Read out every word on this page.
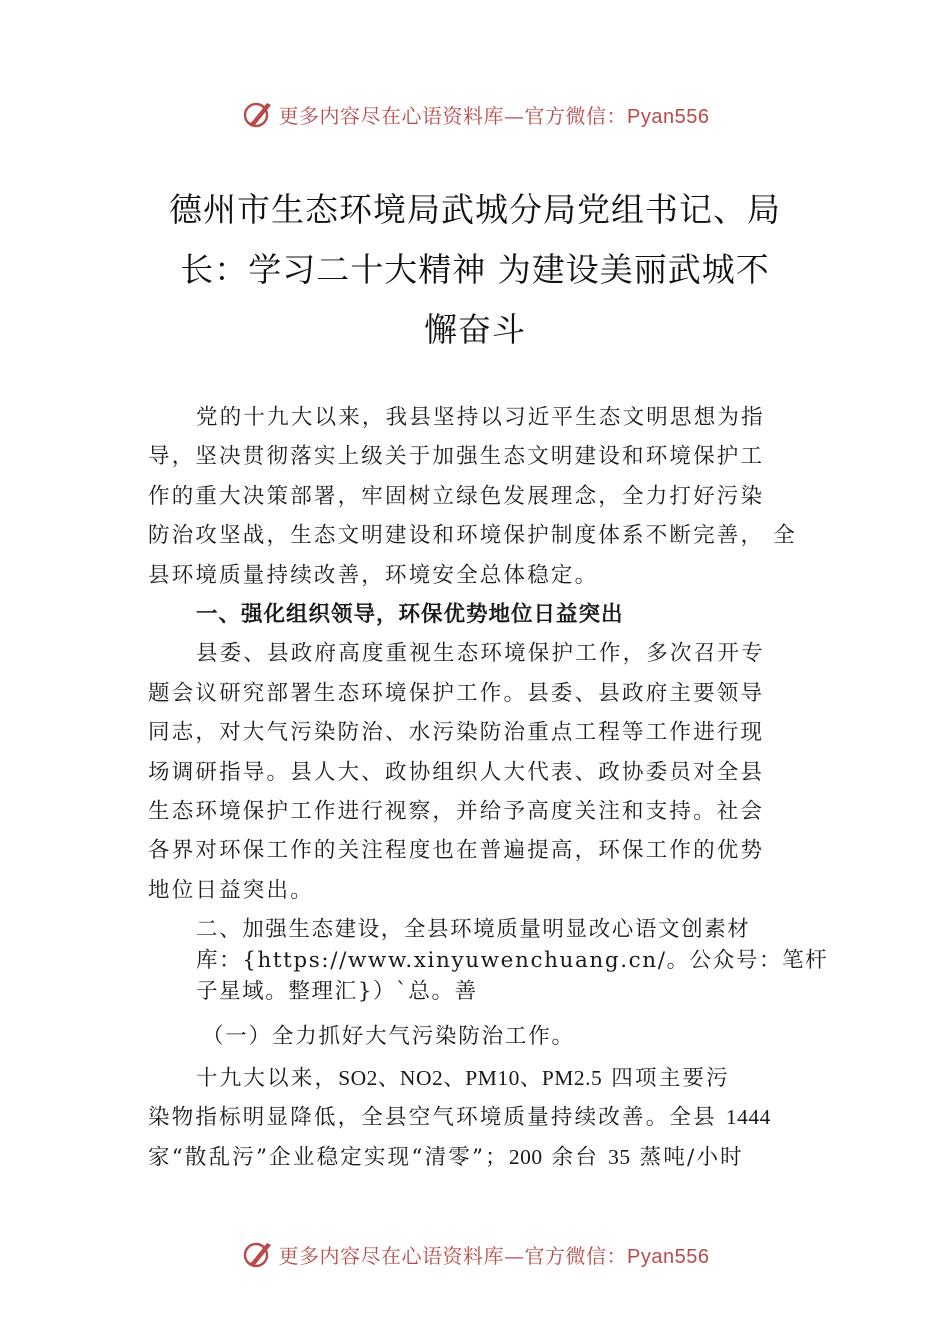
更多内容尽在心语资料库—官方微信：Pyan556
德州市生态环境局武城分局党组书记、局
长：学习二十大精神 为建设美丽武城不
懈奋斗

党的十九大以来，我县坚持以习近平生态文明思想为指

导，坚决贯彻落实上级关于加强生态文明建设和环境保护工

作的重大决策部署，牢固树立绿色发展理念，全力打好污染

防治攻坚战，生态文明建设和环境保护制度体系不断完善， 全

县环境质量持续改善，环境安全总体稳定。

一、强化组织领导，环保优势地位日益突出

县委、县政府高度重视生态环境保护工作，多次召开专

题会议研究部署生态环境保护工作。县委、县政府主要领导

同志，对大气污染防治、水污染防治重点工程等工作进行现

场调研指导。县人大、政协组织人大代表、政协委员对全县

生态环境保护工作进行视察，并给予高度关注和支持。社会

各界对环保工作的关注程度也在普遍提高，环保工作的优势

地位日益突出。

二、加强生态建设，全县环境质量明显改心语文创素材

库：{https://www.xinyuwenchuang.cn/。公众号：笔杆

子星域。整理汇}）`总。善

（一）全力抓好大气污染防治工作。

十九大以来，SO2、NO2、PM10、PM2.5 四项主要污

染物指标明显降低，全县空气环境质量持续改善。全县 1444

家“散乱污”企业稳定实现“清零”；200 余台 35 蒸吨/小时

更多内容尽在心语资料库—官方微信：Pyan556
